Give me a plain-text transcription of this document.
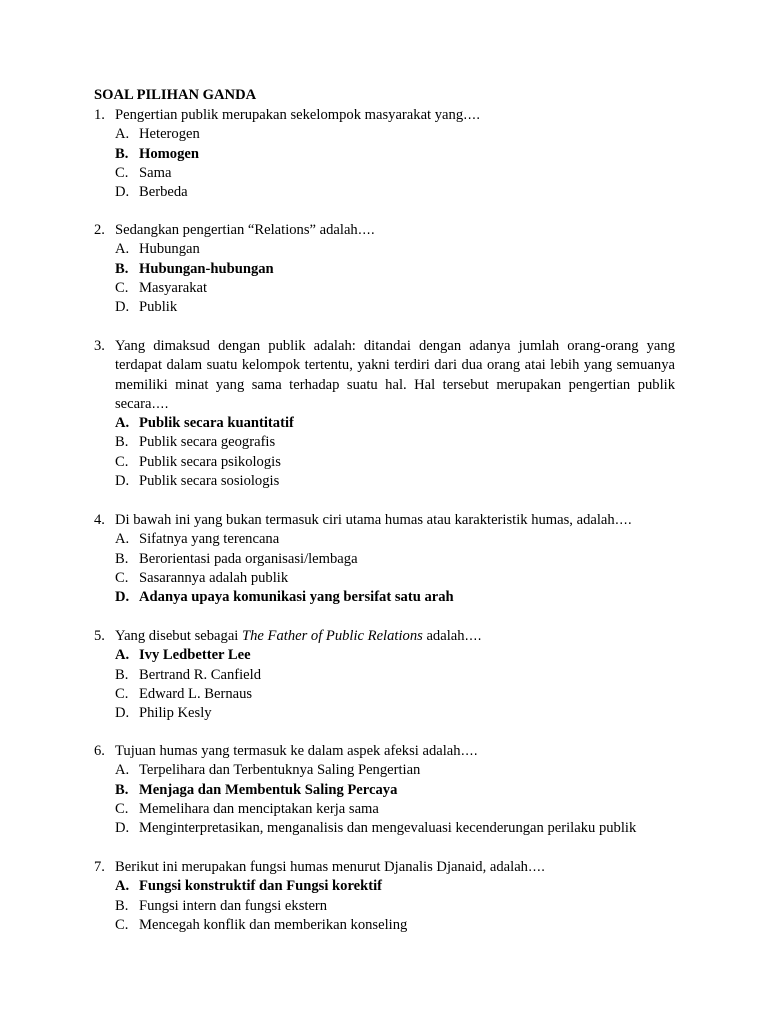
SOAL PILIHAN GANDA
1. Pengertian publik merupakan sekelompok masyarakat yang….
A. Heterogen
B. Homogen
C. Sama
D. Berbeda
2. Sedangkan pengertian “Relations” adalah….
A. Hubungan
B. Hubungan-hubungan
C. Masyarakat
D. Publik
3. Yang dimaksud dengan publik adalah: ditandai dengan adanya jumlah orang-orang yang terdapat dalam suatu kelompok tertentu, yakni terdiri dari dua orang atai lebih yang semuanya memiliki minat yang sama terhadap suatu hal. Hal tersebut merupakan pengertian publik secara….
A. Publik secara kuantitatif
B. Publik secara geografis
C. Publik secara psikologis
D. Publik secara sosiologis
4. Di bawah ini yang bukan termasuk ciri utama humas atau karakteristik humas, adalah….
A. Sifatnya yang terencana
B. Berorientasi pada organisasi/lembaga
C. Sasarannya adalah publik
D. Adanya upaya komunikasi yang bersifat satu arah
5. Yang disebut sebagai The Father of Public Relations adalah….
A. Ivy Ledbetter Lee
B. Bertrand R. Canfield
C. Edward L. Bernaus
D. Philip Kesly
6. Tujuan humas yang termasuk ke dalam aspek afeksi adalah….
A. Terpelihara dan Terbentuknya Saling Pengertian
B. Menjaga dan Membentuk Saling Percaya
C. Memelihara dan menciptakan kerja sama
D. Menginterpretasikan, menganalisis dan mengevaluasi kecenderungan perilaku publik
7. Berikut ini merupakan fungsi humas menurut Djanalis Djanaid, adalah….
A. Fungsi konstruktif dan Fungsi korektif
B. Fungsi intern dan fungsi ekstern
C. Mencegah konflik dan memberikan konseling
